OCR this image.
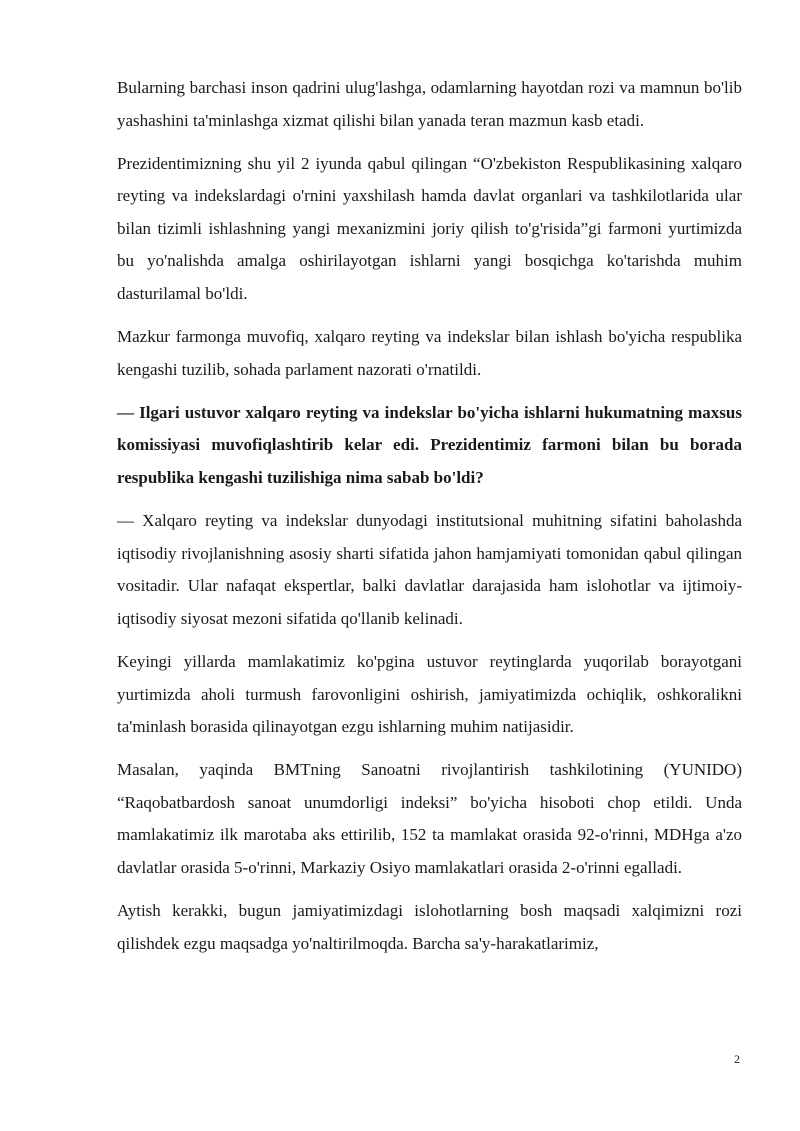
Bularning barchasi inson qadrini ulug'lashga, odamlarning hayotdan rozi va mamnun bo'lib yashashini ta'minlashga xizmat qilishi bilan yanada teran mazmun kasb etadi.

Prezidentimizning shu yil 2 iyunda qabul qilingan “O'zbekiston Respublikasining xalqaro reyting va indekslardagi o'rnini yaxshilash hamda davlat organlari va tashkilotlarida ular bilan tizimli ishlashning yangi mexanizmini joriy qilish to'g'risida”gi farmoni yurtimizda bu yo'nalishda amalga oshirilayotgan ishlarni yangi bosqichga ko'tarishda muhim dasturilamal bo'ldi.

Mazkur farmonga muvofiq, xalqaro reyting va indekslar bilan ishlash bo'yicha respublika kengashi tuzilib, sohada parlament nazorati o'rnatildi.

— Ilgari ustuvor xalqaro reyting va indekslar bo'yicha ishlarni hukumatning maxsus komissiyasi muvofiqlashtirib kelar edi. Prezidentimiz farmoni bilan bu borada respublika kengashi tuzilishiga nima sabab bo'ldi?

— Xalqaro reyting va indekslar dunyodagi institutsional muhitning sifatini baholashda iqtisodiy rivojlanishning asosiy sharti sifatida jahon hamjamiyati tomonidan qabul qilingan vositadir. Ular nafaqat ekspertlar, balki davlatlar darajasida ham islohotlar va ijtimoiy-iqtisodiy siyosat mezoni sifatida qo'llanib kelinadi.

Keyingi yillarda mamlakatimiz ko'pgina ustuvor reytinglarda yuqorilab borayotgani yurtimizda aholi turmush farovonligini oshirish, jamiyatimizda ochiqlik, oshkoralikni ta'minlash borasida qilinayotgan ezgu ishlarning muhim natijasidir.

Masalan, yaqinda BMTning Sanoatni rivojlantirish tashkilotining (YUNIDO) “Raqobatbardosh sanoat unumdorligi indeksi” bo'yicha hisoboti chop etildi. Unda mamlakatimiz ilk marotaba aks ettirilib, 152 ta mamlakat orasida 92-o'rinni, MDHga a'zo davlatlar orasida 5-o'rinni, Markaziy Osiyo mamlakatlari orasida 2-o'rinni egalladi.

Aytish kerakki, bugun jamiyatimizdagi islohotlarning bosh maqsadi xalqimizni rozi qilishdek ezgu maqsadga yo'naltirilmoqda. Barcha sa'y-harakatlarimiz,

2
